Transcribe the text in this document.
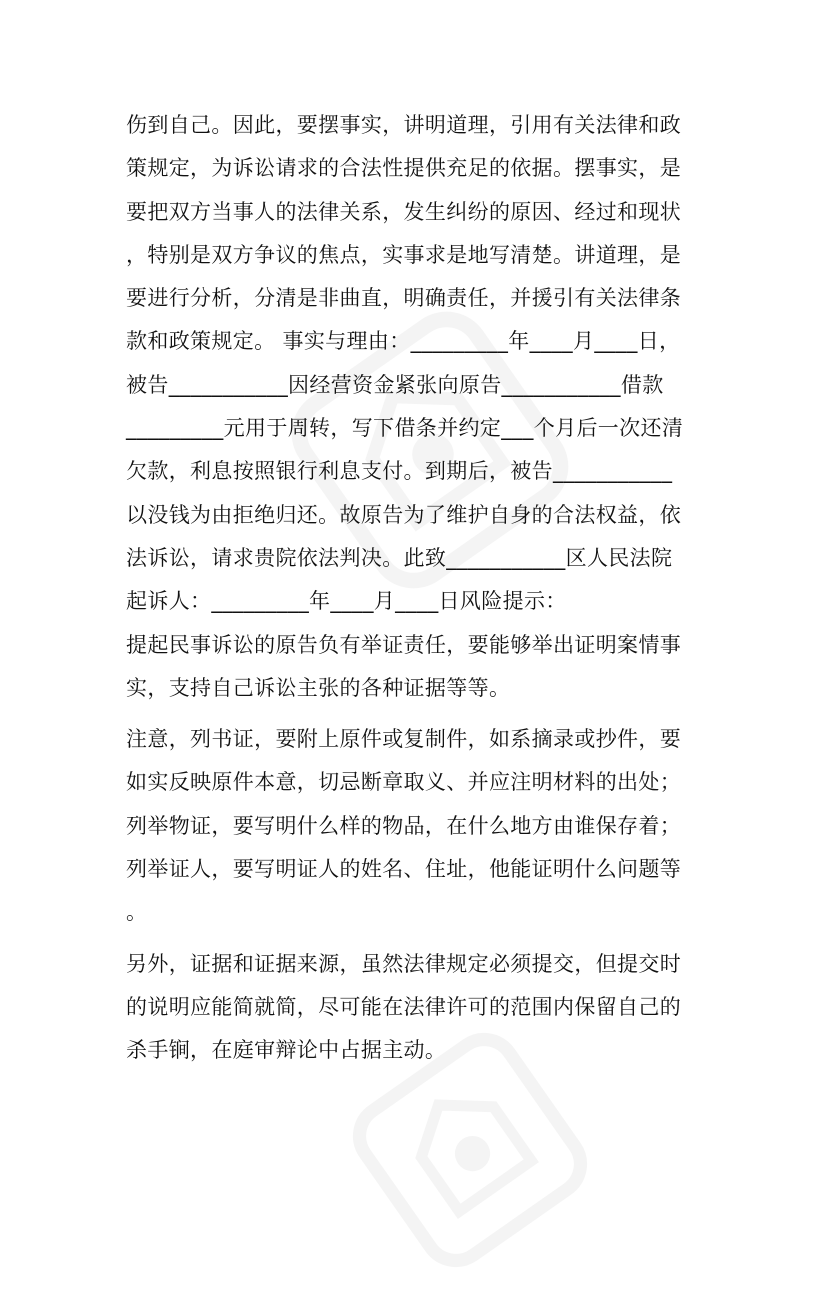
伤到自己。因此，要摆事实，讲明道理，引用有关法律和政
策规定，为诉讼请求的合法性提供充足的依据。摆事实，是
要把双方当事人的法律关系，发生纠纷的原因、经过和现状
，特别是双方争议的焦点，实事求是地写清楚。讲道理，是
要进行分析，分清是非曲直，明确责任，并援引有关法律条
款和政策规定。 事实与理由：_________年____月____日，
被告___________因经营资金紧张向原告___________借款
_________元用于周转，写下借条并约定___个月后一次还清
欠款，利息按照银行利息支付。到期后，被告___________
以没钱为由拒绝归还。故原告为了维护自身的合法权益，依
法诉讼，请求贵院依法判决。此致___________区人民法院
起诉人：_________年____月____日风险提示：
提起民事诉讼的原告负有举证责任，要能够举出证明案情事
实，支持自己诉讼主张的各种证据等等。
注意，列书证，要附上原件或复制件，如系摘录或抄件，要
如实反映原件本意，切忌断章取义、并应注明材料的出处；
列举物证，要写明什么样的物品，在什么地方由谁保存着；
列举证人，要写明证人的姓名、住址，他能证明什么问题等
。
另外，证据和证据来源，虽然法律规定必须提交，但提交时
的说明应能简就简，尽可能在法律许可的范围内保留自己的
杀手锏，在庭审辩论中占据主动。
